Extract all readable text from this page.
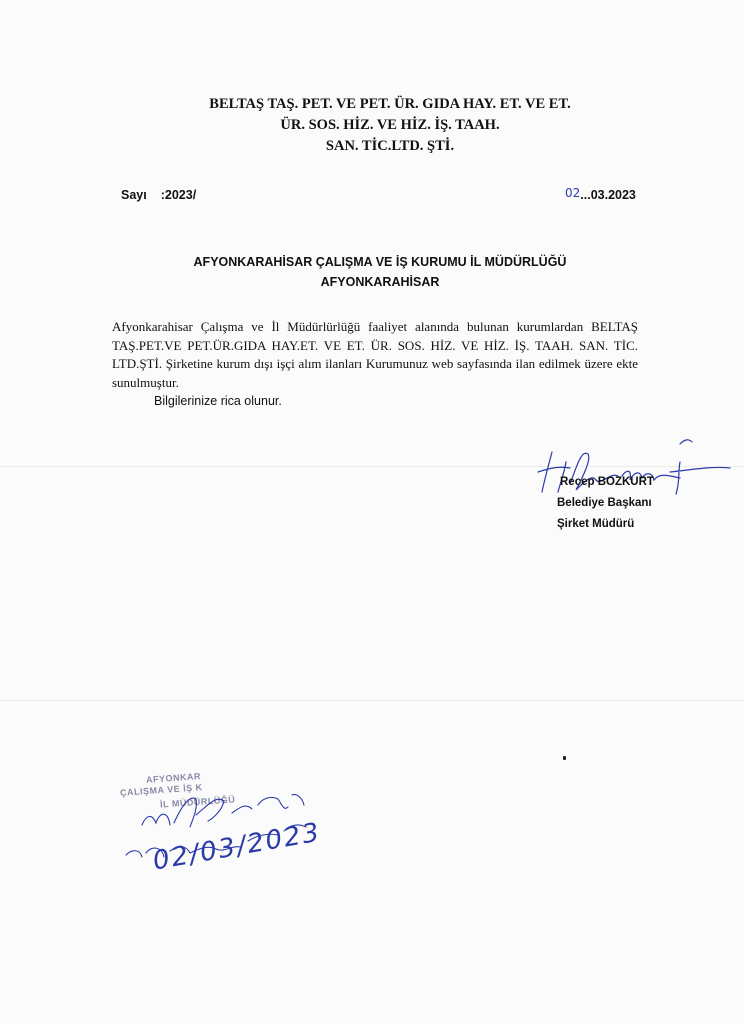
BELTAŞ TAŞ. PET. VE PET. ÜR. GIDA HAY. ET. VE ET.
ÜR. SOS. HİZ. VE HİZ. İŞ. TAAH.
SAN. TİC.LTD. ŞTİ.
Sayı :2023/	02...03.2023
AFYONKARAHİSAR ÇALIŞMA VE İŞ KURUMU İL MÜDÜRLÜĞÜ
AFYONKARAHİSAR
Afyonkarahisar Çalışma ve İl Müdürlürlüğü faaliyet alanında bulunan kurumlardan BELTAŞ TAŞ.PET.VE PET.ÜR.GIDA HAY.ET. VE ET. ÜR. SOS. HİZ. VE HİZ. İŞ. TAAH. SAN. TİC. LTD.ŞTİ. Şirketine kurum dışı işçi alım ilanları Kurumunuz web sayfasında ilan edilmek üzere ekte sunulmuştur.
Bilgilerinize rica olunur.
Recep BOZKURT
Belediye Başkanı
Şirket Müdürü
AFYONKAR
ÇALIŞMA VE İŞ K
İL MÜDÜRLÜĞÜ
02/03/2023
